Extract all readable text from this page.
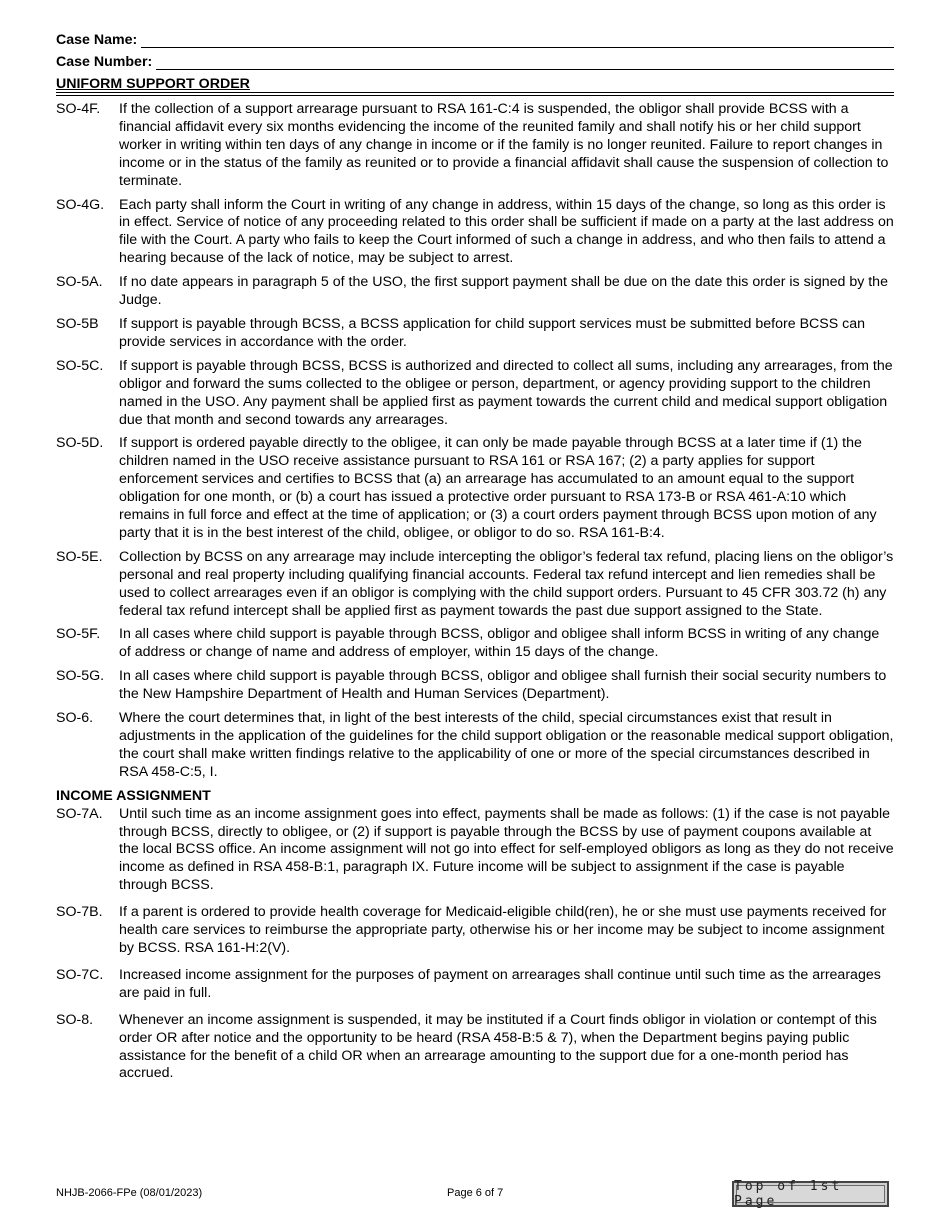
Case Name:
Case Number:
UNIFORM SUPPORT ORDER
SO-4F.	If the collection of a support arrearage pursuant to RSA 161-C:4 is suspended, the obligor shall provide BCSS with a financial affidavit every six months evidencing the income of the reunited family and shall notify his or her child support worker in writing within ten days of any change in income or if the family is no longer reunited. Failure to report changes in income or in the status of the family as reunited or to provide a financial affidavit shall cause the suspension of collection to terminate.
SO-4G.	Each party shall inform the Court in writing of any change in address, within 15 days of the change, so long as this order is in effect. Service of notice of any proceeding related to this order shall be sufficient if made on a party at the last address on file with the Court. A party who fails to keep the Court informed of such a change in address, and who then fails to attend a hearing because of the lack of notice, may be subject to arrest.
SO-5A.	If no date appears in paragraph 5 of the USO, the first support payment shall be due on the date this order is signed by the Judge.
SO-5B	If support is payable through BCSS, a BCSS application for child support services must be submitted before BCSS can provide services in accordance with the order.
SO-5C.	If support is payable through BCSS, BCSS is authorized and directed to collect all sums, including any arrearages, from the obligor and forward the sums collected to the obligee or person, department, or agency providing support to the children named in the USO. Any payment shall be applied first as payment towards the current child and medical support obligation due that month and second towards any arrearages.
SO-5D.	If support is ordered payable directly to the obligee, it can only be made payable through BCSS at a later time if (1) the children named in the USO receive assistance pursuant to RSA 161 or RSA 167; (2) a party applies for support enforcement services and certifies to BCSS that (a) an arrearage has accumulated to an amount equal to the support obligation for one month, or (b) a court has issued a protective order pursuant to RSA 173-B or RSA 461-A:10 which remains in full force and effect at the time of application; or (3) a court orders payment through BCSS upon motion of any party that it is in the best interest of the child, obligee, or obligor to do so. RSA 161-B:4.
SO-5E.	Collection by BCSS on any arrearage may include intercepting the obligor’s federal tax refund, placing liens on the obligor’s personal and real property including qualifying financial accounts. Federal tax refund intercept and lien remedies shall be used to collect arrearages even if an obligor is complying with the child support orders. Pursuant to 45 CFR 303.72 (h) any federal tax refund intercept shall be applied first as payment towards the past due support assigned to the State.
SO-5F.	In all cases where child support is payable through BCSS, obligor and obligee shall inform BCSS in writing of any change of address or change of name and address of employer, within 15 days of the change.
SO-5G.	In all cases where child support is payable through BCSS, obligor and obligee shall furnish their social security numbers to the New Hampshire Department of Health and Human Services (Department).
SO-6.	Where the court determines that, in light of the best interests of the child, special circumstances exist that result in adjustments in the application of the guidelines for the child support obligation or the reasonable medical support obligation, the court shall make written findings relative to the applicability of one or more of the special circumstances described in RSA 458-C:5, I.
INCOME ASSIGNMENT
SO-7A.	Until such time as an income assignment goes into effect, payments shall be made as follows: (1) if the case is not payable through BCSS, directly to obligee, or (2) if support is payable through the BCSS by use of payment coupons available at the local BCSS office. An income assignment will not go into effect for self-employed obligors as long as they do not receive income as defined in RSA 458-B:1, paragraph IX. Future income will be subject to assignment if the case is payable through BCSS.
SO-7B.	If a parent is ordered to provide health coverage for Medicaid-eligible child(ren), he or she must use payments received for health care services to reimburse the appropriate party, otherwise his or her income may be subject to income assignment by BCSS. RSA 161-H:2(V).
SO-7C.	Increased income assignment for the purposes of payment on arrearages shall continue until such time as the arrearages are paid in full.
SO-8.	Whenever an income assignment is suspended, it may be instituted if a Court finds obligor in violation or contempt of this order OR after notice and the opportunity to be heard (RSA 458-B:5 & 7), when the Department begins paying public assistance for the benefit of a child OR when an arrearage amounting to the support due for a one-month period has accrued.
NHJB-2066-FPe (08/01/2023)	Page 6 of 7	Top of 1st Page
